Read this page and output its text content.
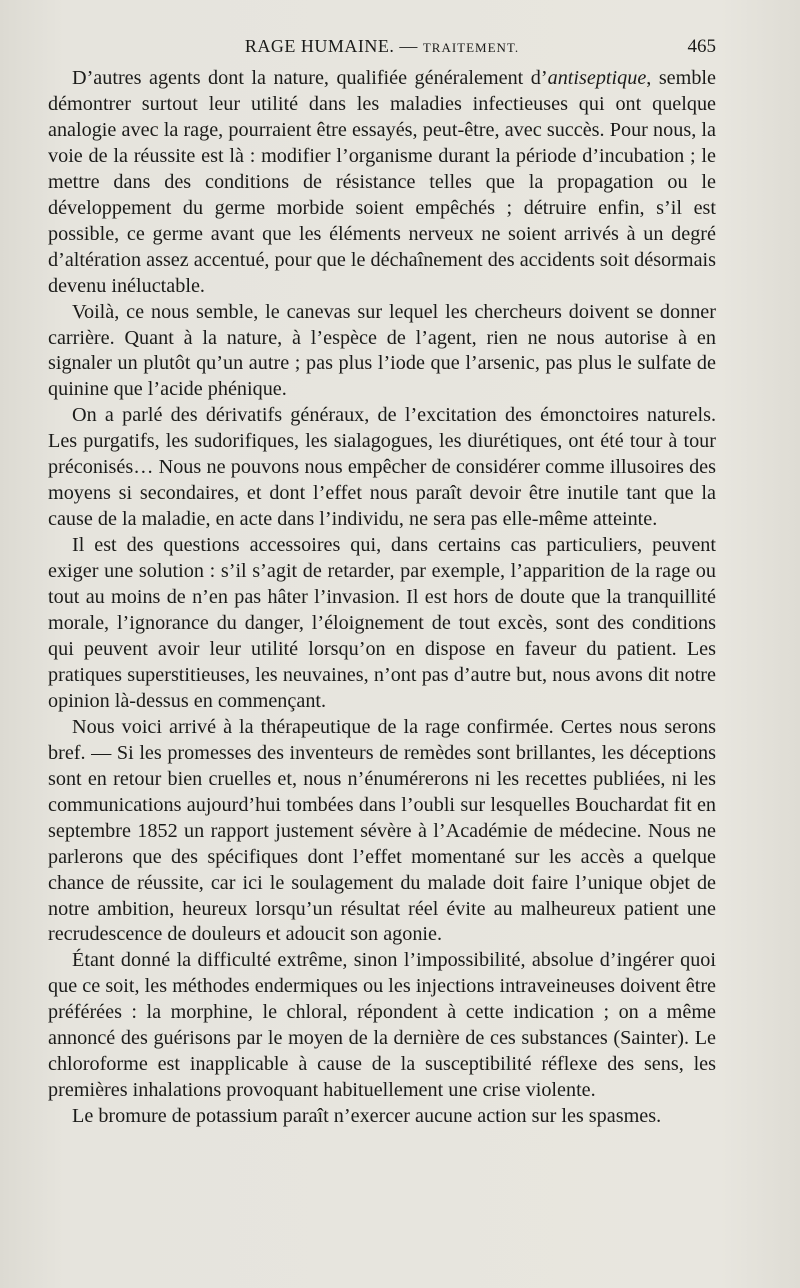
RAGE HUMAINE. — TRAITEMENT.	465

D’autres agents dont la nature, qualifiée généralement d’antiseptique, semble démontrer surtout leur utilité dans les maladies infectieuses qui ont quelque analogie avec la rage, pourraient être essayés, peut-être, avec succès. Pour nous, la voie de la réussite est là : modifier l’organisme durant la période d’incubation ; le mettre dans des conditions de résistance telles que la propagation ou le développement du germe morbide soient empêchés ; détruire enfin, s’il est possible, ce germe avant que les éléments nerveux ne soient arrivés à un degré d’altération assez accentué, pour que le déchaînement des accidents soit désormais devenu inéluctable.

Voilà, ce nous semble, le canevas sur lequel les chercheurs doivent se donner carrière. Quant à la nature, à l’espèce de l’agent, rien ne nous autorise à en signaler un plutôt qu’un autre ; pas plus l’iode que l’arsenic, pas plus le sulfate de quinine que l’acide phénique.

On a parlé des dérivatifs généraux, de l’excitation des émonctoires naturels. Les purgatifs, les sudorifiques, les sialagogues, les diurétiques, ont été tour à tour préconisés… Nous ne pouvons nous empêcher de considérer comme illusoires des moyens si secondaires, et dont l’effet nous paraît devoir être inutile tant que la cause de la maladie, en acte dans l’individu, ne sera pas elle-même atteinte.

Il est des questions accessoires qui, dans certains cas particuliers, peuvent exiger une solution : s’il s’agit de retarder, par exemple, l’apparition de la rage ou tout au moins de n’en pas hâter l’invasion. Il est hors de doute que la tranquillité morale, l’ignorance du danger, l’éloignement de tout excès, sont des conditions qui peuvent avoir leur utilité lorsqu’on en dispose en faveur du patient. Les pratiques superstitieuses, les neuvaines, n’ont pas d’autre but, nous avons dit notre opinion là-dessus en commençant.

Nous voici arrivé à la thérapeutique de la rage confirmée. Certes nous serons bref. — Si les promesses des inventeurs de remèdes sont brillantes, les déceptions sont en retour bien cruelles et, nous n’énumérerons ni les recettes publiées, ni les communications aujourd’hui tombées dans l’oubli sur lesquelles Bouchardat fit en septembre 1852 un rapport justement sévère à l’Académie de médecine. Nous ne parlerons que des spécifiques dont l’effet momentané sur les accès a quelque chance de réussite, car ici le soulagement du malade doit faire l’unique objet de notre ambition, heureux lorsqu’un résultat réel évite au malheureux patient une recrudescence de douleurs et adoucit son agonie.

Étant donné la difficulté extrême, sinon l’impossibilité, absolue d’ingérer quoi que ce soit, les méthodes endermiques ou les injections intraveineuses doivent être préférées : la morphine, le chloral, répondent à cette indication ; on a même annoncé des guérisons par le moyen de la dernière de ces substances (Sainter). Le chloroforme est inapplicable à cause de la susceptibilité réflexe des sens, les premières inhalations provoquant habituellement une crise violente.

Le bromure de potassium paraît n’exercer aucune action sur les spasmes.
